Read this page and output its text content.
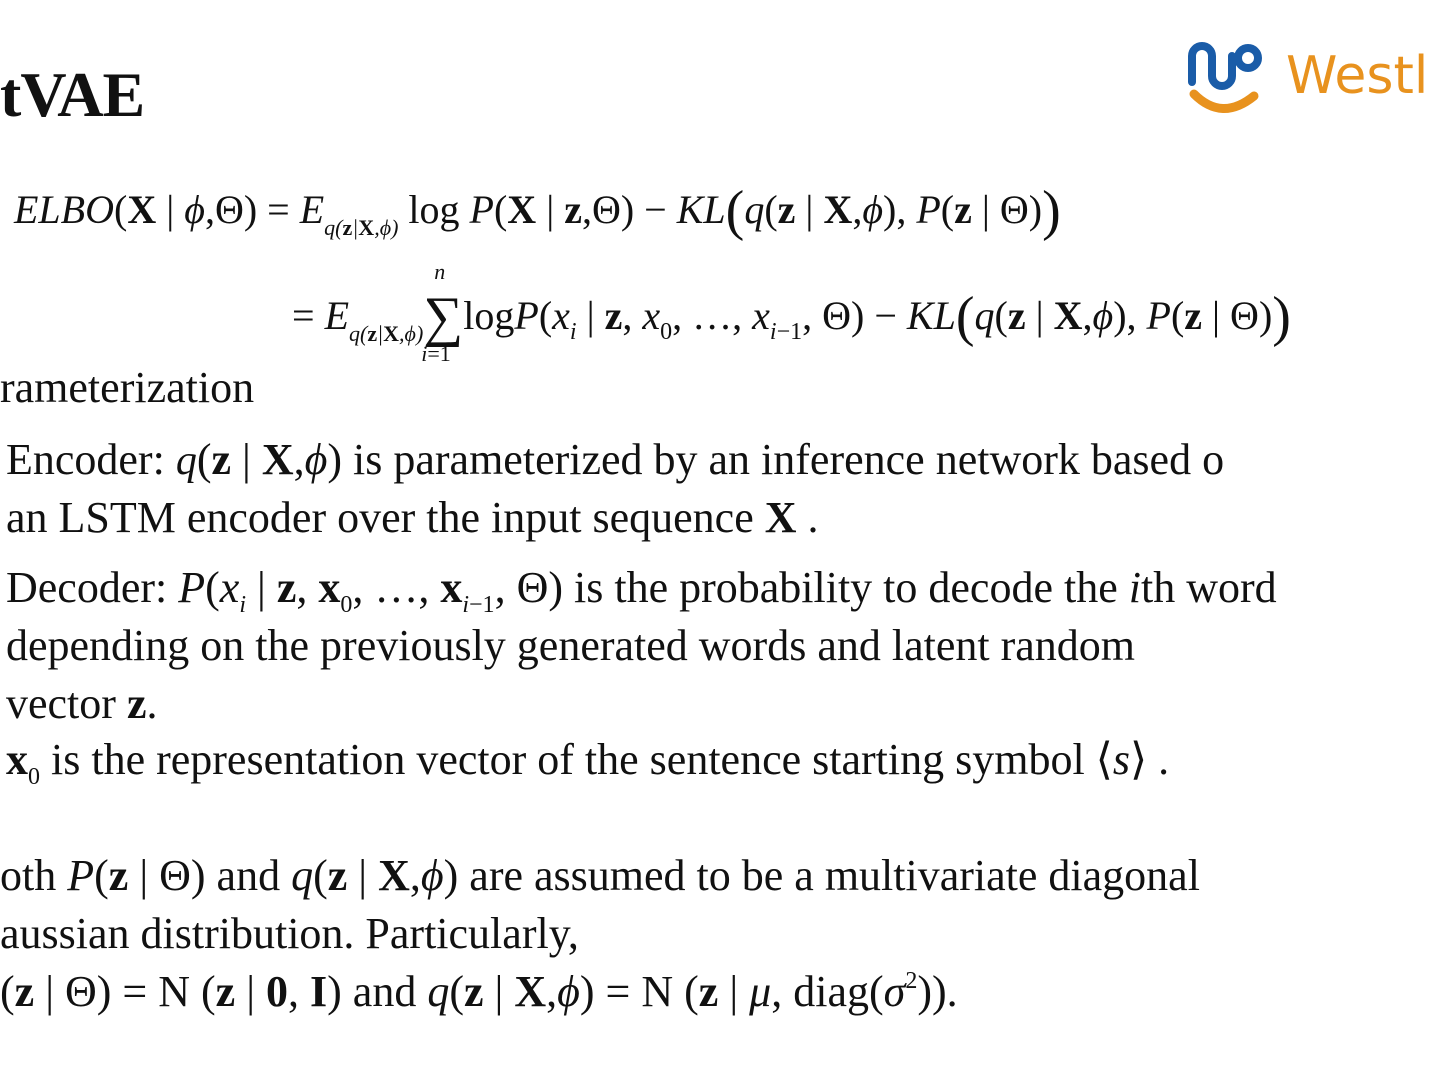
tVAE	Westl
ELBO(X | $\phi,\Theta) = E_{q(z|X,\phi)}$ log P(X | z,Θ) − KL(q(z | X,ϕ), P(z | Θ))
= $E_{q(z|X,\phi)}$
n
∑
i=1
$\log P(x_i$ | z, $x_0$, …, $x_{i-1}$, Θ) − KL(q(z | X,ϕ), P(z | Θ))
rameterization
Encoder: q(z | X,ϕ) is parameterized by an inference network based o
an LSTM encoder over the input sequence X .
Decoder: $P(x_i$ | z, $x_0$, …, $x_{i-1}$, Θ) is the probability to decode the ith word
depending on the previously generated words and latent random
vector z.
$x_0$ is the representation vector of the sentence starting symbol ⟨s⟩ .
oth P(z | Θ) and q(z | X,ϕ) are assumed to be a multivariate diagonal
aussian distribution. Particularly,
(z | Θ) = N (z | 0, I) and q(z | X,ϕ) = N (z | μ, $diag(\sigma^2)$).
